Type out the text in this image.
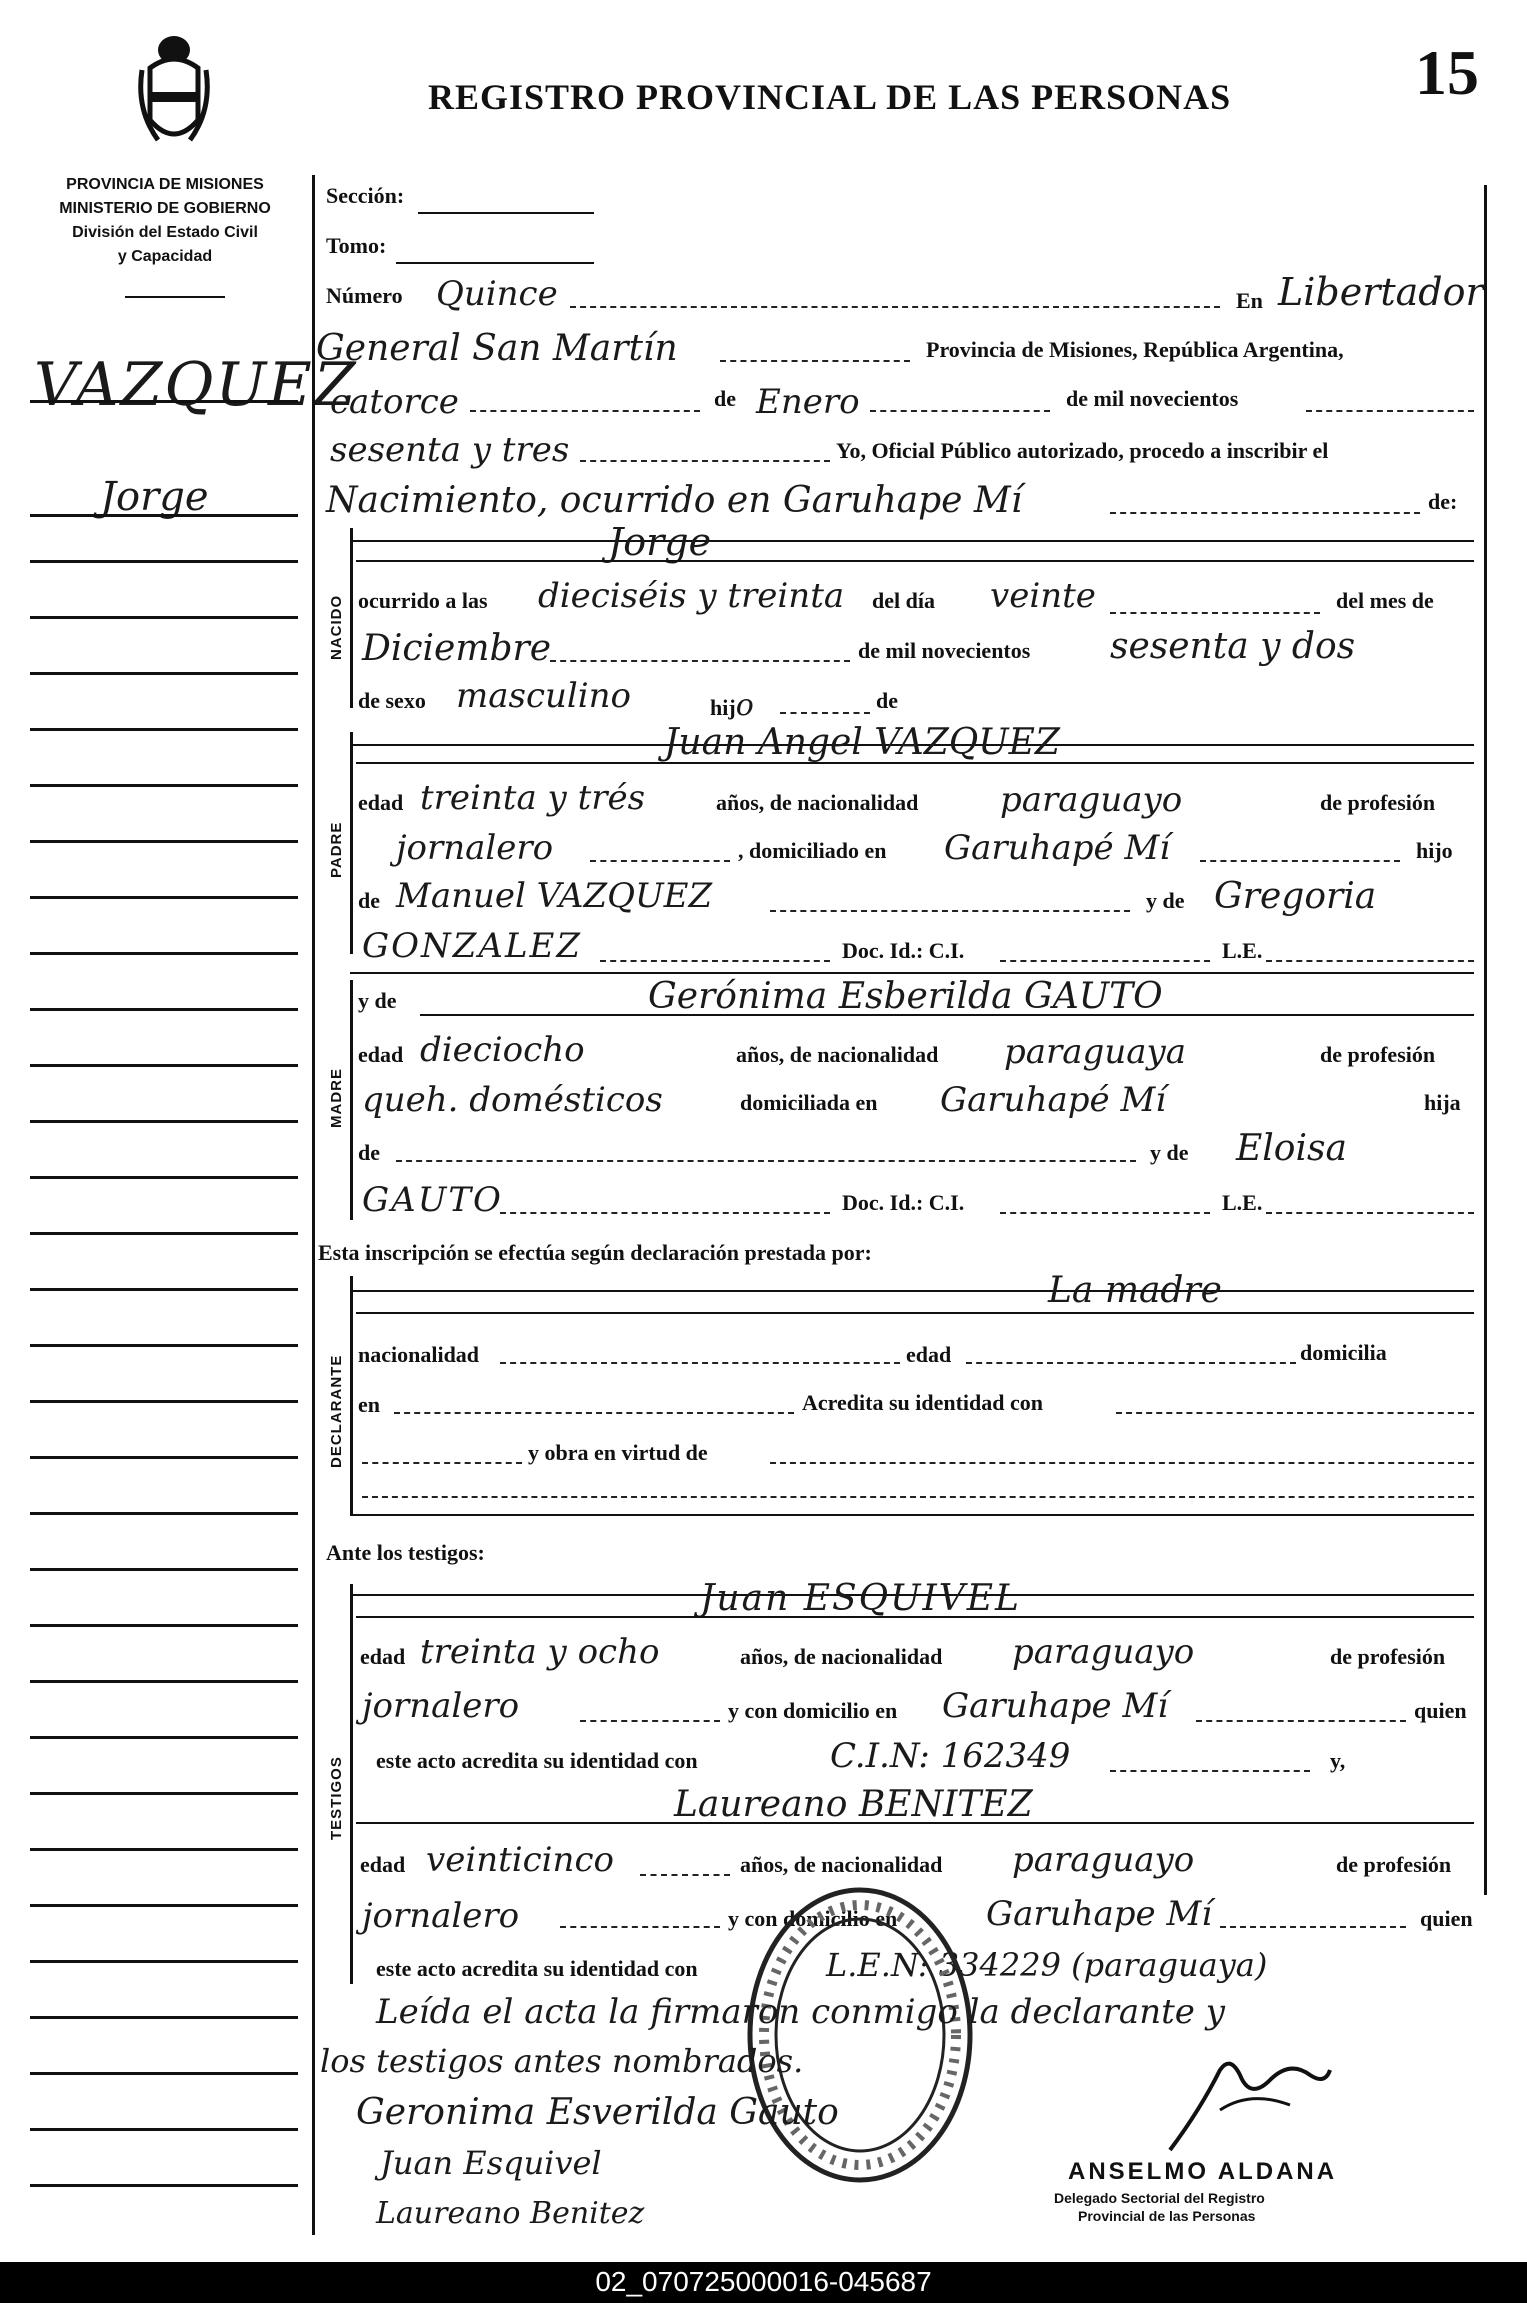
REGISTRO PROVINCIAL DE LAS PERSONAS	15
PROVINCIA DE MISIONES
MINISTERIO DE GOBIERNO
División del Estado Civil
y Capacidad
VAZQUEZ
Jorge
Sección:
Tomo:
Número Quince	En Libertador
General San Martín	Provincia de Misiones, República Argentina,
catorce	de Enero	de mil novecientos
sesenta y tres	Yo, Oficial Público autorizado, procedo a inscribir el
Nacimiento, ocurrido en Garuhape Mí	de:
NACIDO
Jorge
ocurrido a las dieciséis y treinta del día veinte	del mes de
Diciembre	de mil novecientos sesenta y dos
de sexo masculino	hijo	de
PADRE
Juan Angel VAZQUEZ
edad treinta y trés	años, de nacionalidad paraguayo	de profesión
jornalero	, domiciliado en Garuhapé Mí	hijo
de Manuel VAZQUEZ	y de Gregoria
GONZALEZ	Doc. Id.: C.I.	L.E.
MADRE
y de	Gerónima Esberilda GAUTO
edad dieciocho	años, de nacionalidad paraguaya	de profesión
queh. domésticos	domiciliada en Garuhapé Mí	hija
de	y de Eloisa
GAUTO	Doc. Id.: C.I.	L.E.
Esta inscripción se efectúa según declaración prestada por:
DECLARANTE
La madre
nacionalidad	edad	domicilia
en	Acredita su identidad con
y obra en virtud de
Ante los testigos:
TESTIGOS
Juan ESQUIVEL
edad treinta y ocho	años, de nacionalidad paraguayo	de profesión
jornalero	y con domicilio en Garuhape Mí	quien
este acto acredita su identidad con	C.I.N: 162349	y,
Laureano BENITEZ
edad veinticinco	años, de nacionalidad paraguayo	de profesión
jornalero	y con domicilio en	Garuhape Mí	quien
este acto acredita su identidad con	L.E.N: 334229 (paraguaya)
Leída el acta la firmaron conmigo la declarante y
los testigos antes nombrados.
Geronima Esverilda Gauto
Juan Esquivel
Laureano Benitez
ANSELMO ALDANA
Delegado Sectorial del Registro
Provincial de las Personas
02_070725000016-045687
